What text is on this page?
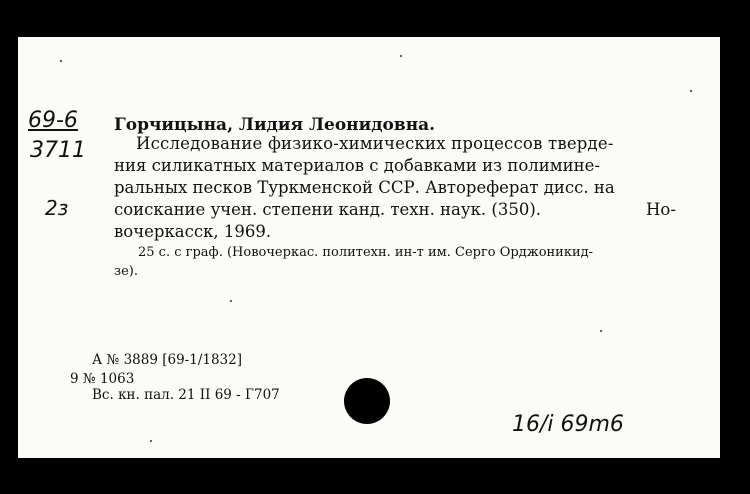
69-6
3711
2з
Горчицына, Лидия Леонидовна.
Исследование физико-химических процессов тверде-
ния силикатных материалов с добавками из полимине-
ральных песков Туркменской ССР. Автореферат дисс. на
соискание учен. степени канд. техн. наук. (350).	Но-
вочеркасск, 1969.
25 с. с граф. (Новочеркас. политехн. ин-т им. Серго Орджоникид-
зе).
А № 3889 [69-1/1832]
9 № 1063
Вс. кн. пал. 21 II 69 - Г707
16/i 69m6
